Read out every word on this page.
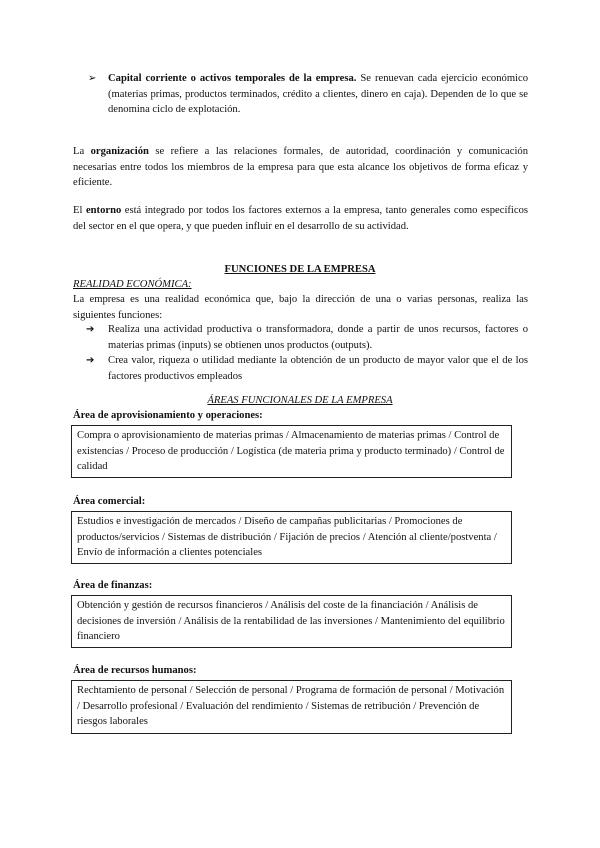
➢ Capital corriente o activos temporales de la empresa. Se renuevan cada ejercicio económico (materias primas, productos terminados, crédito a clientes, dinero en caja). Dependen de lo que se denomina ciclo de explotación.
La organización se refiere a las relaciones formales, de autoridad, coordinación y comunicación necesarias entre todos los miembros de la empresa para que esta alcance los objetivos de forma eficaz y eficiente.
El entorno está integrado por todos los factores externos a la empresa, tanto generales como específicos del sector en el que opera, y que pueden influir en el desarrollo de su actividad.
FUNCIONES DE LA EMPRESA
REALIDAD ECONÓMICA:
La empresa es una realidad económica que, bajo la dirección de una o varias personas, realiza las siguientes funciones:
➔ Realiza una actividad productiva o transformadora, donde a partir de unos recursos, factores o materias primas (inputs) se obtienen unos productos (outputs).
➔ Crea valor, riqueza o utilidad mediante la obtención de un producto de mayor valor que el de los factores productivos empleados
ÁREAS FUNCIONALES DE LA EMPRESA
Área de aprovisionamiento y operaciones:
Compra o aprovisionamiento de materias primas / Almacenamiento de materias primas / Control de existencias / Proceso de producción / Logística (de materia prima y producto terminado) / Control de calidad
Área comercial:
Estudios e investigación de mercados / Diseño de campañas publicitarias / Promociones de productos/servicios / Sistemas de distribución / Fijación de precios / Atención al cliente/postventa / Envío de información a clientes potenciales
Área de finanzas:
Obtención y gestión de recursos financieros / Análisis del coste de la financiación / Análisis de decisiones de inversión / Análisis de la rentabilidad de las inversiones / Mantenimiento del equilibrio financiero
Área de recursos humanos:
Rechtamiento de personal / Selección de personal / Programa de formación de personal / Motivación / Desarrollo profesional / Evaluación del rendimiento / Sistemas de retribución / Prevención de riesgos laborales
